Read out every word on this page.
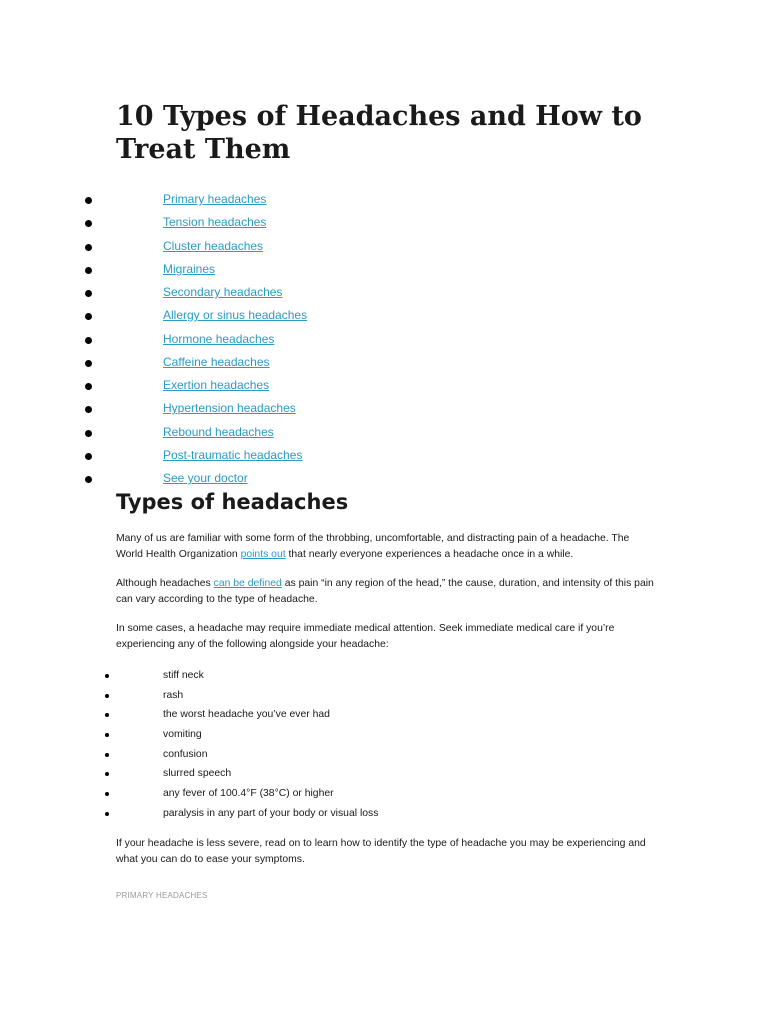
10 Types of Headaches and How to Treat Them
Primary headaches
Tension headaches
Cluster headaches
Migraines
Secondary headaches
Allergy or sinus headaches
Hormone headaches
Caffeine headaches
Exertion headaches
Hypertension headaches
Rebound headaches
Post-traumatic headaches
See your doctor
Types of headaches

Many of us are familiar with some form of the throbbing, uncomfortable, and distracting pain of a headache. The World Health Organization points out that nearly everyone experiences a headache once in a while.

Although headaches can be defined as pain “in any region of the head,” the cause, duration, and intensity of this pain can vary according to the type of headache.

In some cases, a headache may require immediate medical attention. Seek immediate medical care if you’re experiencing any of the following alongside your headache:

stiff neck
rash
the worst headache you’ve ever had
vomiting
confusion
slurred speech
any fever of 100.4°F (38°C) or higher
paralysis in any part of your body or visual loss

If your headache is less severe, read on to learn how to identify the type of headache you may be experiencing and what you can do to ease your symptoms.

PRIMARY HEADACHES
